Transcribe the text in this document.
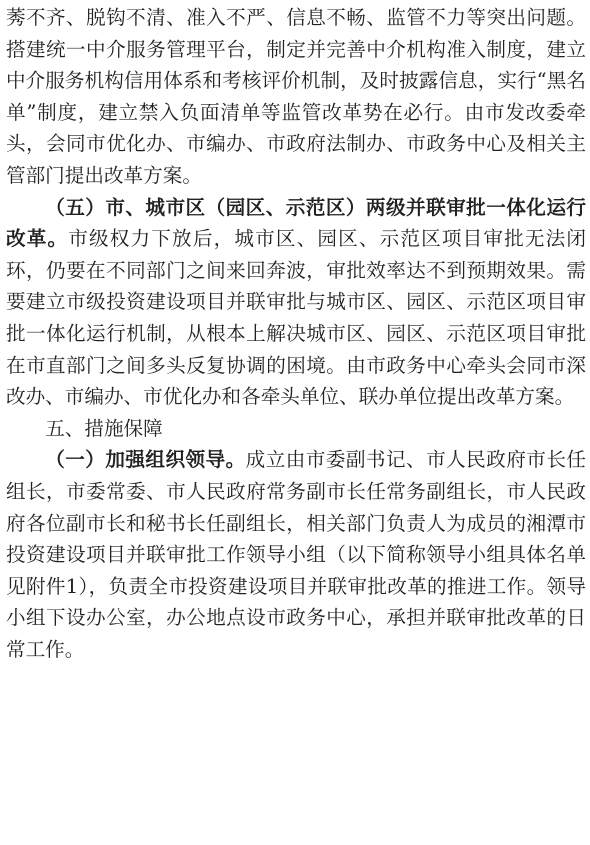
莠不齐、脱钩不清、准入不严、信息不畅、监管不力等突出问题。搭建统一中介服务管理平台，制定并完善中介机构准入制度，建立中介服务机构信用体系和考核评价机制，及时披露信息，实行“黑名单”制度，建立禁入负面清单等监管改革势在必行。由市发改委牵头，会同市优化办、市编办、市政府法制办、市政务中心及相关主管部门提出改革方案。

（五）市、城市区（园区、示范区）两级并联审批一体化运行改革。市级权力下放后，城市区、园区、示范区项目审批无法闭环，仍要在不同部门之间来回奔波，审批效率达不到预期效果。需要建立市级投资建设项目并联审批与城市区、园区、示范区项目审批一体化运行机制，从根本上解决城市区、园区、示范区项目审批在市直部门之间多头反复协调的困境。由市政务中心牵头会同市深改办、市编办、市优化办和各牵头单位、联办单位提出改革方案。

五、措施保障

（一）加强组织领导。成立由市委副书记、市人民政府市长任组长，市委常委、市人民政府常务副市长任常务副组长，市人民政府各位副市长和秘书长任副组长，相关部门负责人为成员的湘潭市投资建设项目并联审批工作领导小组（以下简称领导小组具体名单见附件1），负责全市投资建设项目并联审批改革的推进工作。领导小组下设办公室，办公地点设市政务中心，承担并联审批改革的日常工作。
